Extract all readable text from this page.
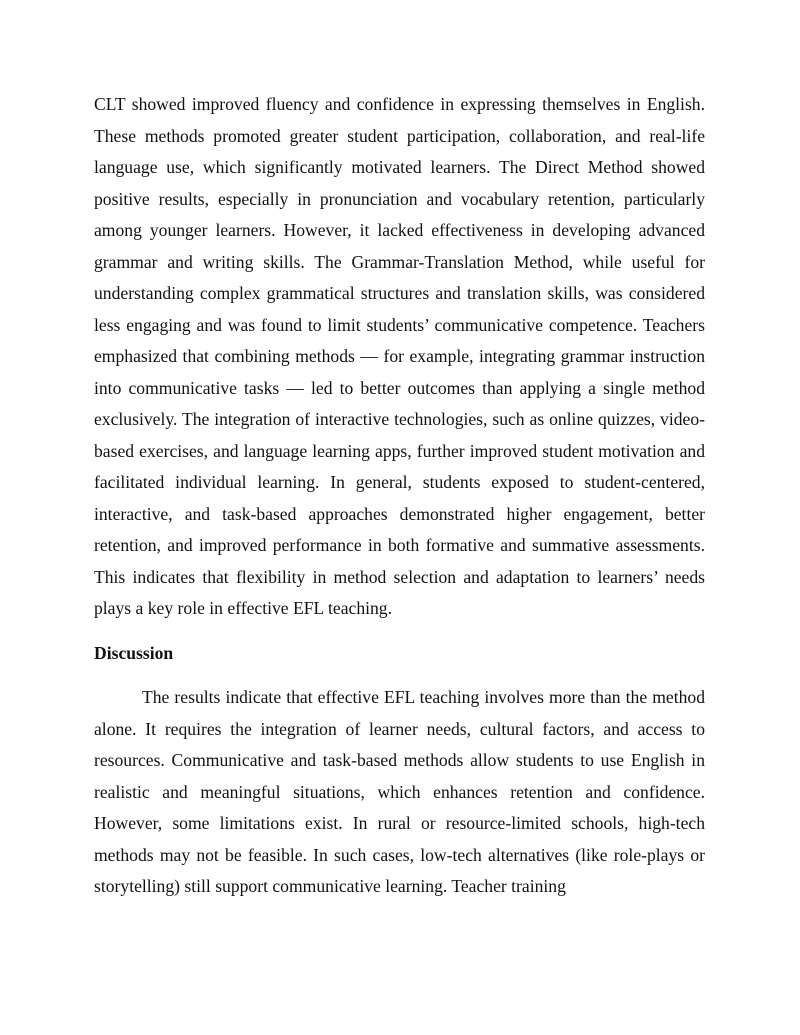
CLT showed improved fluency and confidence in expressing themselves in English. These methods promoted greater student participation, collaboration, and real-life language use, which significantly motivated learners. The Direct Method showed positive results, especially in pronunciation and vocabulary retention, particularly among younger learners. However, it lacked effectiveness in developing advanced grammar and writing skills. The Grammar-Translation Method, while useful for understanding complex grammatical structures and translation skills, was considered less engaging and was found to limit students’ communicative competence. Teachers emphasized that combining methods — for example, integrating grammar instruction into communicative tasks — led to better outcomes than applying a single method exclusively. The integration of interactive technologies, such as online quizzes, video-based exercises, and language learning apps, further improved student motivation and facilitated individual learning. In general, students exposed to student-centered, interactive, and task-based approaches demonstrated higher engagement, better retention, and improved performance in both formative and summative assessments. This indicates that flexibility in method selection and adaptation to learners’ needs plays a key role in effective EFL teaching.

Discussion

The results indicate that effective EFL teaching involves more than the method alone. It requires the integration of learner needs, cultural factors, and access to resources. Communicative and task-based methods allow students to use English in realistic and meaningful situations, which enhances retention and confidence. However, some limitations exist. In rural or resource-limited schools, high-tech methods may not be feasible. In such cases, low-tech alternatives (like role-plays or storytelling) still support communicative learning. Teacher training
